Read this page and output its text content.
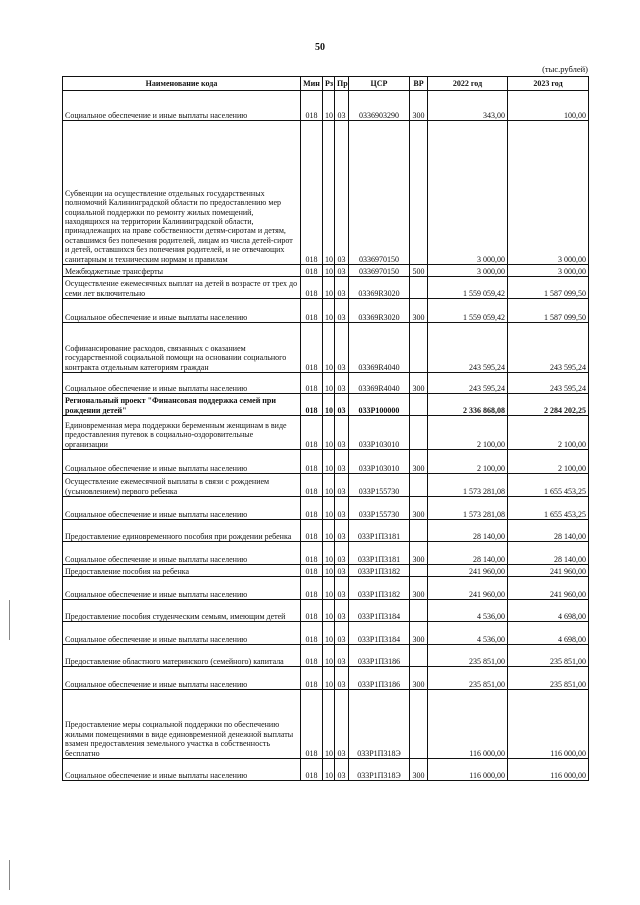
50
(тыс.рублей)
Наименование кода	Мин	Рз	Пр	ЦСР	ВР	2022 год	2023 год
Социальное обеспечение и иные выплаты населению	018	10	03	0336903290	300	343,00	100,00
Субвенции на осуществление отдельных государственных полномочий Калининградской области по предоставлению мер социальной поддержки по ремонту жилых помещений, находящихся на территории Калининградской области, принадлежащих на праве собственности детям-сиротам и детям, оставшимся без попечения родителей, лицам из числа детей-сирот и детей, оставшихся без попечения родителей, и не отвечающих санитарным и техническим нормам и правилам	018	10	03	0336970150		3 000,00	3 000,00
Межбюджетные трансферты	018	10	03	0336970150	500	3 000,00	3 000,00
Осуществление ежемесячных выплат на детей в возрасте от трех до семи лет включительно	018	10	03	03369R3020		1 559 059,42	1 587 099,50
Социальное обеспечение и иные выплаты населению	018	10	03	03369R3020	300	1 559 059,42	1 587 099,50
Софинансирование расходов, связанных с оказанием государственной социальной помощи на основании социального контракта отдельным категориям граждан	018	10	03	03369R4040		243 595,24	243 595,24
Социальное обеспечение и иные выплаты населению	018	10	03	03369R4040	300	243 595,24	243 595,24
Региональный проект "Финансовая поддержка семей при рождении детей"	018	10	03	033P100000		2 336 868,08	2 284 202,25
Единовременная мера поддержки беременным женщинам в виде предоставления путевок в социально-оздоровительные организации	018	10	03	033P103010		2 100,00	2 100,00
Социальное обеспечение и иные выплаты населению	018	10	03	033P103010	300	2 100,00	2 100,00
Осуществление ежемесячной выплаты в связи с рождением (усыновлением) первого ребенка	018	10	03	033P155730		1 573 281,08	1 655 453,25
Социальное обеспечение и иные выплаты населению	018	10	03	033P155730	300	1 573 281,08	1 655 453,25
Предоставление единовременного пособия при рождении ребенка	018	10	03	033Р1П3181		28 140,00	28 140,00
Социальное обеспечение и иные выплаты населению	018	10	03	033Р1П3181	300	28 140,00	28 140,00
Предоставление пособия на ребенка	018	10	03	033Р1П3182		241 960,00	241 960,00
Социальное обеспечение и иные выплаты населению	018	10	03	033Р1П3182	300	241 960,00	241 960,00
Предоставление пособия студенческим семьям, имеющим детей	018	10	03	033Р1П3184		4 536,00	4 698,00
Социальное обеспечение и иные выплаты населению	018	10	03	033Р1П3184	300	4 536,00	4 698,00
Предоставление областного материнского (семейного) капитала	018	10	03	033Р1П3186		235 851,00	235 851,00
Социальное обеспечение и иные выплаты населению	018	10	03	033Р1П3186	300	235 851,00	235 851,00
Предоставление меры социальной поддержки по обеспечению жилыми помещениями в виде единовременной денежной выплаты взамен предоставления земельного участка в собственность бесплатно	018	10	03	033Р1П318Э		116 000,00	116 000,00
Социальное обеспечение и иные выплаты населению	018	10	03	033Р1П318Э	300	116 000,00	116 000,00
